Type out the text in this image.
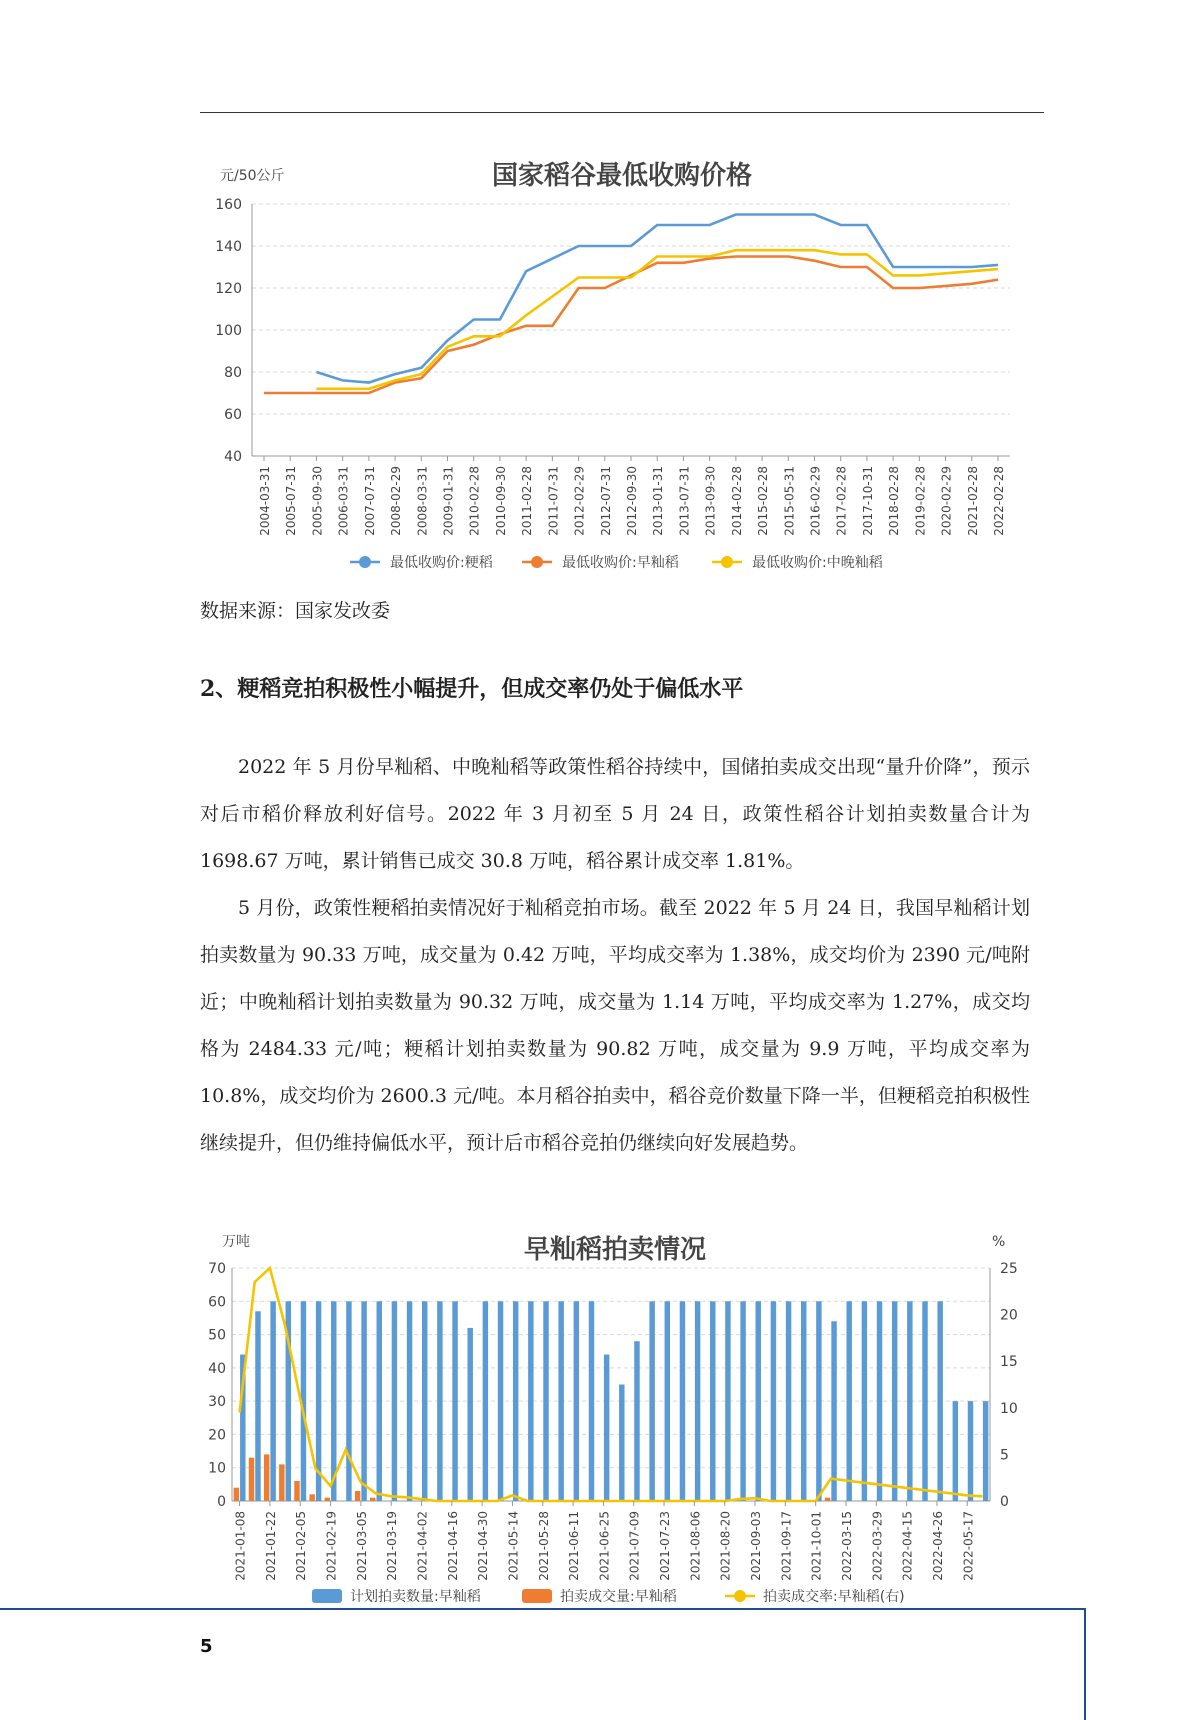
国家稻谷最低收购价格
元/50公斤
40
60
80
100
120
140
160
2004-03-31 2005-07-31 2005-09-30 2006-03-31 2007-07-31 2008-02-29 2008-03-31 2009-01-31 2010-02-28 2010-09-30 2011-02-28 2011-07-31 2012-02-29 2012-07-31 2012-09-30 2013-01-31 2013-07-31 2013-09-30 2014-02-28 2015-02-28 2015-05-31 2016-02-29 2017-02-28 2017-10-31 2018-02-28 2019-02-28 2020-02-29 2021-02-28 2022-02-28
最低收购价:粳稻	最低收购价:早籼稻	最低收购价:中晚籼稻
数据来源：国家发改委
2、粳稻竞拍积极性小幅提升，但成交率仍处于偏低水平

2022 年 5 月份早籼稻、中晚籼稻等政策性稻谷持续中，国储拍卖成交出现“量升价降”，预示对后市稻价释放利好信号。2022 年 3 月初至 5 月 24 日，政策性稻谷计划拍卖数量合计为 1698.67 万吨，累计销售已成交 30.8 万吨，稻谷累计成交率 1.81%。

5 月份，政策性粳稻拍卖情况好于籼稻竞拍市场。截至 2022 年 5 月 24 日，我国早籼稻计划拍卖数量为 90.33 万吨，成交量为 0.42 万吨，平均成交率为 1.38%，成交均价为 2390 元/吨附近；中晚籼稻计划拍卖数量为 90.32 万吨，成交量为 1.14 万吨，平均成交率为 1.27%，成交均格为 2484.33 元/吨；粳稻计划拍卖数量为 90.82 万吨，成交量为 9.9 万吨，平均成交率为 10.8%，成交均价为 2600.3 元/吨。本月稻谷拍卖中，稻谷竞价数量下降一半，但粳稻竞拍积极性继续提升，但仍维持偏低水平，预计后市稻谷竞拍仍继续向好发展趋势。

早籼稻拍卖情况
万吨	%
0
10
20
30
40
50
60
70
0
5
10
15
20
25
2021-01-08 2021-01-22 2021-02-05 2021-02-19 2021-03-05 2021-03-19 2021-04-02 2021-04-16 2021-04-30 2021-05-14 2021-05-28 2021-06-11 2021-06-25 2021-07-09 2021-07-23 2021-08-06 2021-08-20 2021-09-03 2021-09-17 2021-10-01 2022-03-15 2022-03-29 2022-04-15 2022-04-26 2022-05-17
计划拍卖数量:早籼稻	拍卖成交量:早籼稻	拍卖成交率:早籼稻(右)
5
